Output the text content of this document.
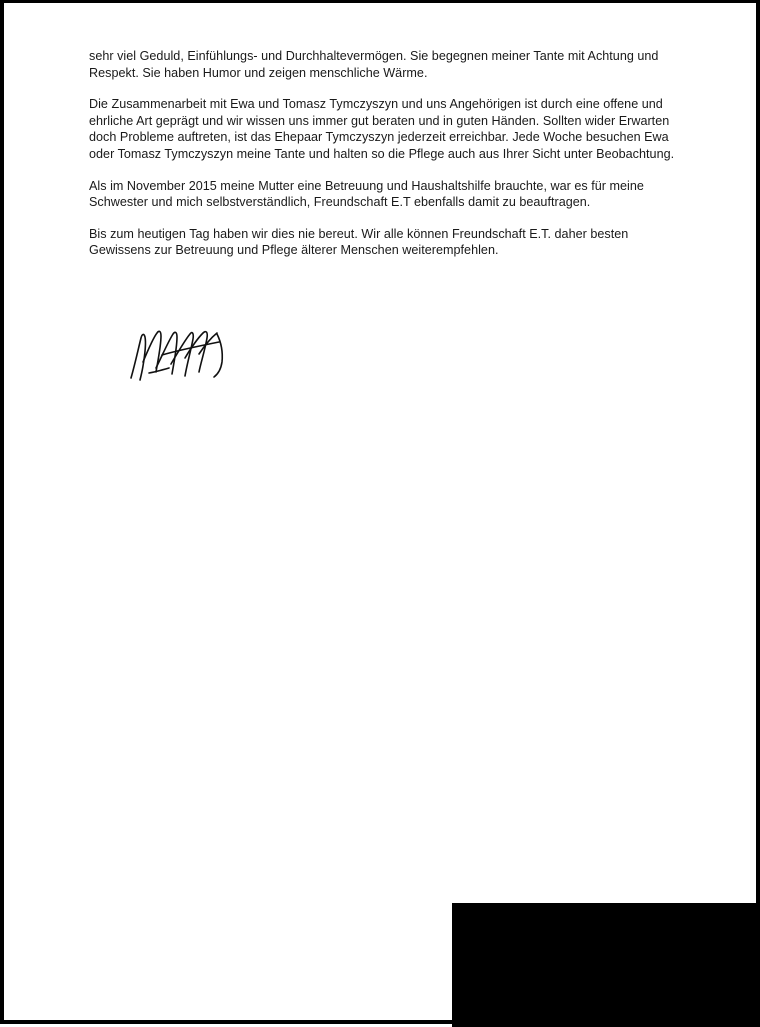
sehr viel Geduld, Einfühlungs- und Durchhaltevermögen. Sie begegnen meiner Tante mit Achtung und Respekt. Sie haben Humor und zeigen menschliche Wärme.

Die Zusammenarbeit mit Ewa und Tomasz Tymczyszyn und uns Angehörigen ist durch eine offene und ehrliche Art geprägt und wir wissen uns immer gut beraten und in guten Händen. Sollten wider Erwarten doch Probleme auftreten, ist das Ehepaar Tymczyszyn jederzeit erreichbar. Jede Woche besuchen Ewa oder Tomasz Tymczyszyn meine Tante und halten so die Pflege auch aus Ihrer Sicht unter Beobachtung.

Als im November 2015 meine Mutter eine Betreuung und Haushaltshilfe brauchte, war es für meine Schwester und mich selbstverständlich, Freundschaft E.T ebenfalls damit zu beauftragen.

Bis zum heutigen Tag haben wir dies nie bereut. Wir alle können Freundschaft E.T. daher besten Gewissens zur Betreuung und Pflege älterer Menschen weiterempfehlen.
